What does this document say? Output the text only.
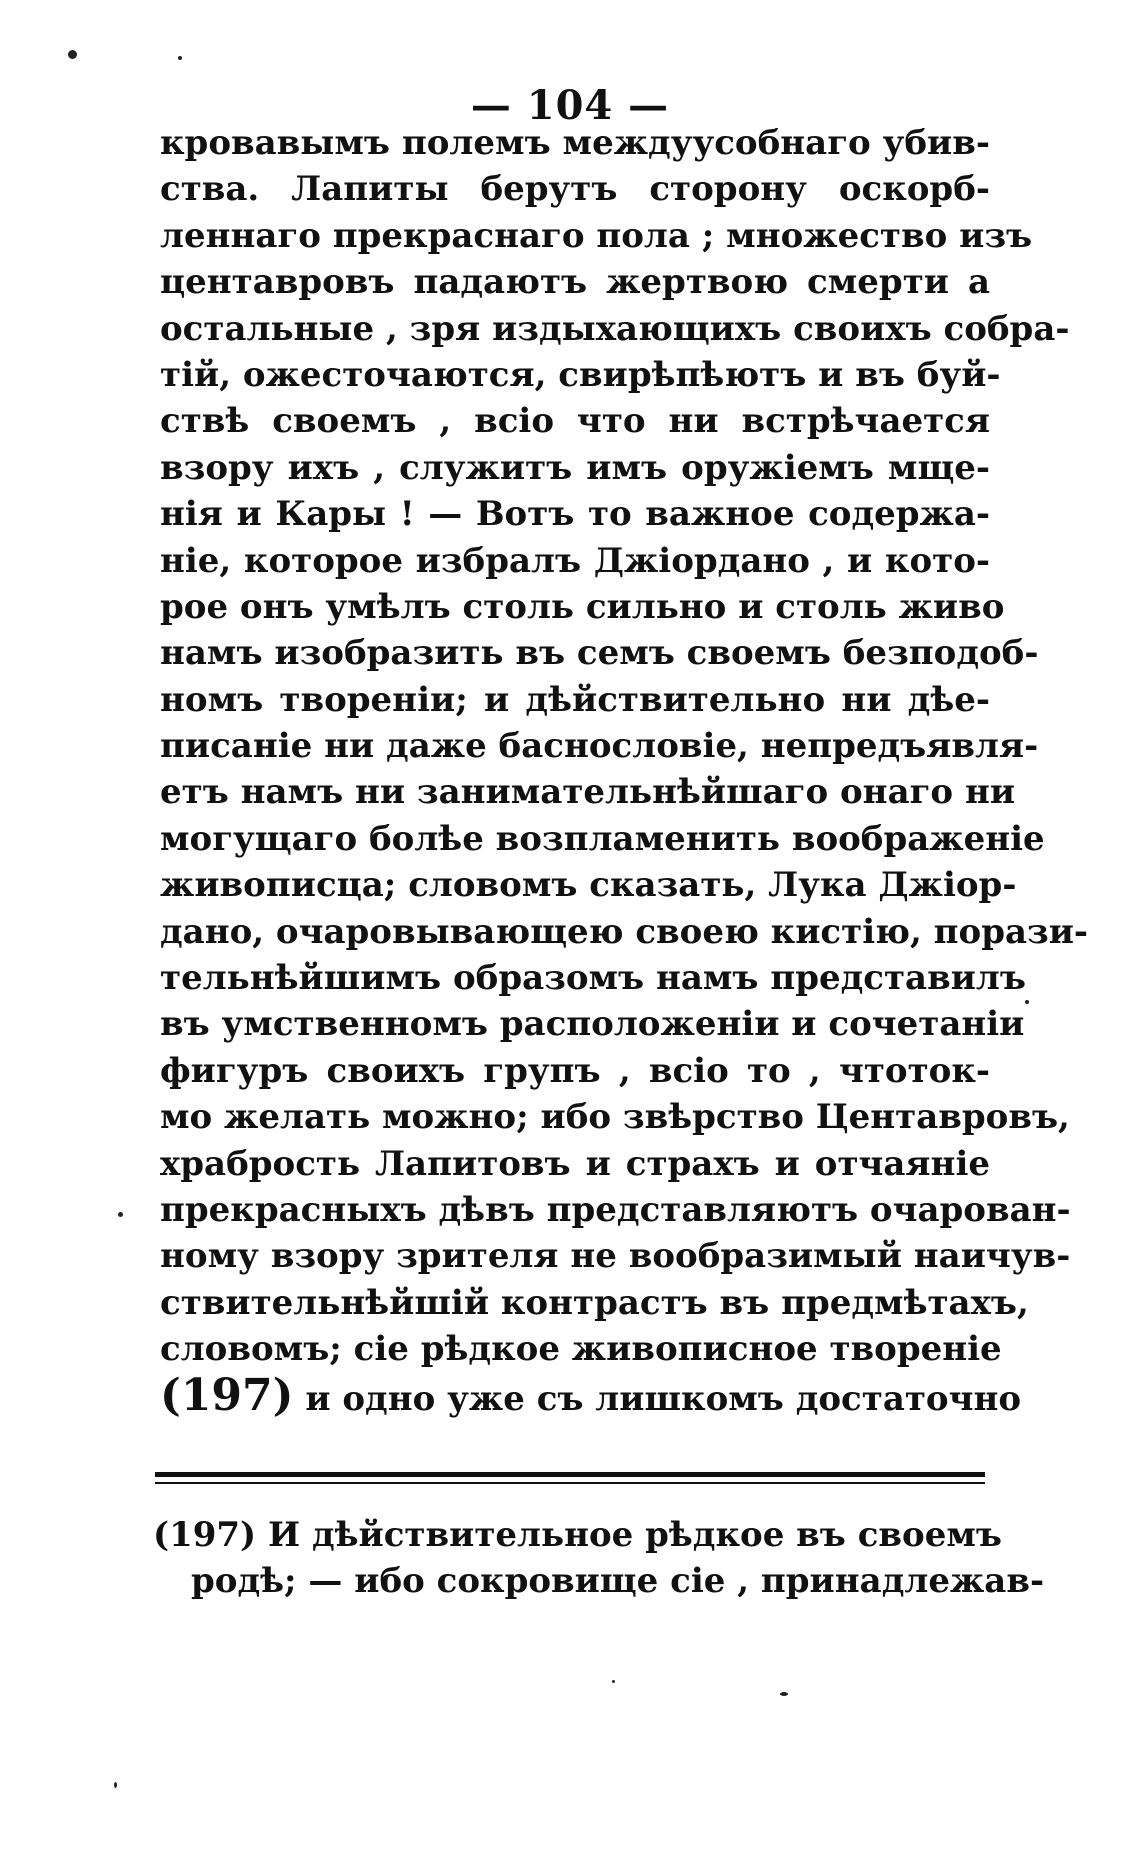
— 104 —
кровавымъ полемъ междуусобнаго убив-
ства. Лапиты берутъ сторону оскорб-
леннаго прекраснаго пола ; множество изъ
центавровъ падаютъ жертвою смерти а
остальные , зря издыхающихъ своихъ собра-
тій, ожесточаются, свирѣпѣютъ и въ буй-
ствѣ своемъ , всіо что ни встрѣчается
взору ихъ , служитъ имъ оружіемъ мще-
нія и Кары ! — Вотъ то важное содержа-
ніе, которое избралъ Джіордано , и кото-
рое онъ умѣлъ столь сильно и столь живо
намъ изобразить въ семъ своемъ безподоб-
номъ твореніи; и дѣйствительно ни дѣе-
писаніе ни даже баснословіе, непредъявля-
етъ намъ ни занимательнѣйшаго онаго ни
могущаго болѣе возпламенить воображеніе
живописца; словомъ сказать, Лука Джіор-
дано, очаровывающею своею кистію, порази-
тельнѣйшимъ образомъ намъ представилъ
въ умственномъ расположеніи и сочетаніи
фигуръ своихъ групъ , всіо то , чтоток-
мо желать можно; ибо звѣрство Центавровъ,
храбрость Лапитовъ и страхъ и отчаяніе
прекрасныхъ дѣвъ представляютъ очарован-
ному взору зрителя не вообразимый наичув-
ствительнѣйшій контрастъ въ предмѣтахъ,
словомъ; сіе рѣдкое живописное твореніе
(197) и одно уже съ лишкомъ достаточно
(197) И дѣйствительное рѣдкое въ своемъ
родѣ; — ибо сокровище сіе , принадлежав-
